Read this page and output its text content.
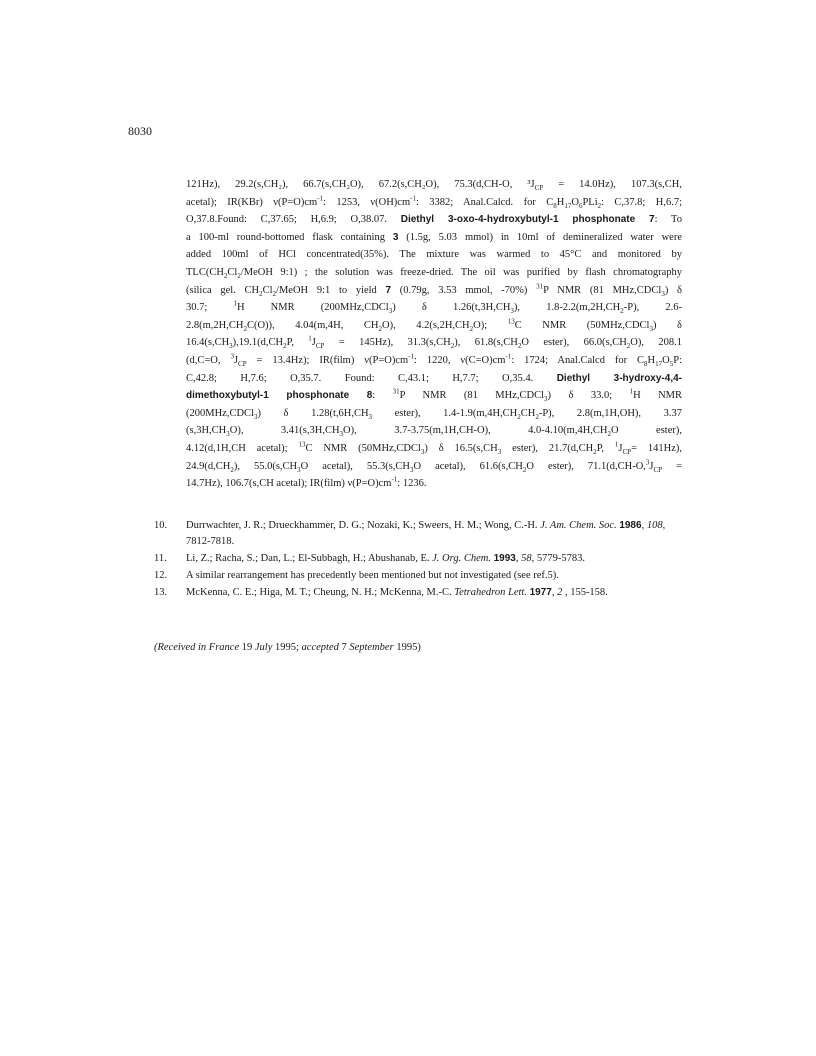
8030
121Hz), 29.2(s,CH₂), 66.7(s,CH₂O), 67.2(s,CH₂O), 75.3(d,CH-O, $^3J_{CP} = 14.0Hz$), 107.3(s,CH,
acetal); IR(KBr) $\nu(P=O)cm^{-1}$: 1253, $\nu(OH)cm^{-1}$: 3382; Anal.Calcd. for $C_8H_{17}O_6PLi_2$: C,37.8; H,6.7;
O,37.8.Found: C,37.65; H,6.9; O,38.07. Diethyl 3-oxo-4-hydroxybutyl-1 phosphonate 7: To
a 100-ml round-bottomed flask containing 3 (1.5g, 5.03 mmol) in 10ml of demineralized water were
added 100ml of HCl concentrated(35%). The mixture was warmed to 45°C and monitored by
$TLC(CH_2Cl_2$/MeOH 9:1) ; the solution was freeze-dried. The oil was purified by flash chromatography
(silica gel. $CH_2Cl_2$/MeOH 9:1 to yield 7 (0.79g, 3.53 mmol, -70%) $^{31}$P NMR (81 MHz,CDCl$_3$) δ
30.7; $^1$H NMR (200MHz,CDCl$_3$) δ $1.26(t,3H,CH_3)$, $1.8-2.2(m,2H,CH_2-P)$, 2.6-
$2.8(m,2H,CH_2C(O))$, 4.04(m,4H, $CH_2O$), $4.2(s,2H,CH_2O)$; $^{13}$C NMR (50MHz,CDCl$_3$) δ
$16.4(s,CH_3),19.1(d,CH_2P$, $^1J_{CP} = 145Hz$), $31.3(s,CH_2)$, $61.8(s,CH_2O$ ester), $66.0(s,CH_2O)$, 208.1
(d,C=O, $^3J_{CP} = 13.4Hz$); IR(film) $\nu(P=O)cm^{-1}$: 1220, $\nu(C=O)cm^{-1}$: 1724; Anal.Calcd for $C_8H_{17}O_5P$:
C,42.8; H,7.6; O,35.7. Found: C,43.1; H,7.7; O,35.4. Diethyl 3-hydroxy-4,4-
dimethoxybutyl-1 phosphonate 8: $^{31}$P NMR (81 MHz,CDCl$_3$) δ 33.0; $^1$H NMR
(200MHz,CDCl$_3$) δ $1.28(t,6H,CH_3$ ester), $1.4-1.9(m,4H,CH_2CH_2-P)$, 2.8(m,1H,OH), 3.37
$(s,3H,CH_3O)$, $3.41(s,3H,CH_3O)$, 3.7-3.75(m,1H,CH-O), $4.0-4.10(m,4H,CH_2O$ ester),
4.12(d,1H,CH acetal); $^{13}$C NMR (50MHz,CDCl$_3$) δ $16.5(s,CH_3$ ester), $21.7(d,CH_2P$, $^1J_{CP}= 141Hz$),
$24.9(d,CH_2)$, $55.0(s,CH_3O$ acetal), $55.3(s,CH_3O$ acetal), $61.6(s,CH_2O$ ester), $71.1(d,CH-O,^3J_{CP}$ =
14.7Hz), 106.7(s,CH acetal); IR(film) $\nu(P=O)cm^{-1}$: 1236.
10.	Durrwachter, J. R.; Drueckhammer, D. G.; Nozaki, K.; Sweers, H. M.; Wong, C.-H. J. Am. Chem. Soc. 1986, 108, 7812-7818.
11.	Li, Z.; Racha, S.; Dan, L.; El-Subbagh, H.; Abushanab, E. J. Org. Chem. 1993, 58, 5779-5783.
12.	A similar rearrangement has precedently been mentioned but not investigated (see ref.5).
13.	McKenna, C. E.; Higa, M. T.; Cheung, N. H.; McKenna, M.-C. Tetrahedron Lett. 1977, 2 , 155-158.
(Received in France 19 July 1995; accepted 7 September 1995)
